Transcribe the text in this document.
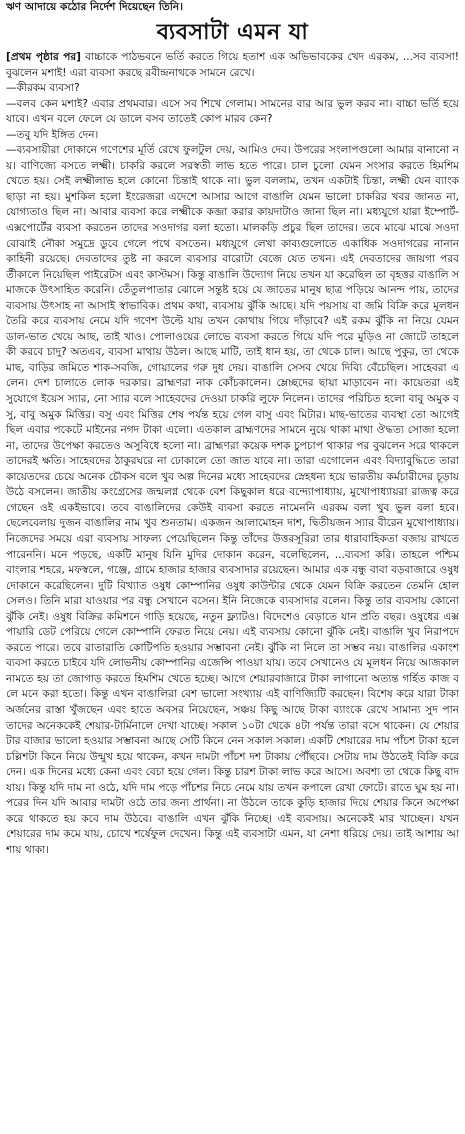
ঋণ আদায়ে কঠোর নির্দেশ দিয়েছেন তিনি।
ব্যবসাটা এমন যা

[প্রথম পৃষ্ঠার পর] বাচ্চাকে পাঠভবনে ভর্তি করতে গিয়ে হতাশ এক অভিভাবকের খেদ এরকম, ...সব ব্যবসা! বুঝলেন মশাই! এরা ব্যবসা করছে রবীন্দ্রনাথকে সামনে রেখে।

—কীরকম ব্যবসা?

—বলব কেন মশাই? এবার প্রথমবার। এসে সব শিখে গেলাম। সামনের বার আর ভুল করব না। বাচ্চা ভর্তি হয়ে যাবে। এখন বলে ফেলে যে ডালে বসব তাতেই কোপ মারব কেন?

—তবু যদি ইঙ্গিত দেন।

—ব্যবসায়ীরা দোকানে গণেশের মূর্তি রেখে ফুলটুল দেয়, আমিও দেব। উপরের সংলাপগুলো আমার বানানো নয়। বাণিজ্যে বসতে লক্ষ্মী। চাকরি করলে সরস্বতী লাভ হতে পারে। চাল চুলো যেমন সংসার করতে হিমশিম খেতে হয়। সেই লক্ষ্মীলাভ হলে কোনো চিন্তাই থাকে না। ভুল বললাম, তখন একটাই চিন্তা, লক্ষ্মী যেন ব্যাংক ছাড়া না হয়। মুশকিল হলো ইংরেজরা এদেশে আসার আগে বাঙালি যেমন ভালো চাকরির খবর জানত না, যোগ্যতাও ছিল না। আবার ব্যবসা করে লক্ষ্মীকে কব্জা করার কায়দাটাও জানা ছিল না। মধ্যযুগে যারা ইম্পোর্ট-এক্সপোর্টের ব্যবসা করতেন তাদের সওদাগর বলা হতো। মালকড়ি প্রচুর ছিল তাদের। তবে মাঝে মাঝে সওদা বোঝাই নৌকা সমুদ্রে ডুবে গেলে পথে বসতেন। মধ্যযুগে লেখা কাব্যগুলোতে একাধিক সওদাগরের নানান কাহিনী রয়েছে। দেবতাদের তুষ্ট না করলে ব্যবসার বারোটা বেজে যেত তখন। এই দেবতাদের জায়গা পরবর্তীকালে নিয়েছিল পাইরেটস এবং কাস্টমস। কিন্তু বাঙালি উদ্যোগ নিয়ে তখন যা করেছিল তা বৃহত্তর বাঙালি সমাজকে উৎসাহিত করেনি। তেঁতুলপাতার ঝোলে সন্তুষ্ট হয়ে যে জাতের মানুষ ছাত্র পড়িয়ে আনন্দ পায়, তাদের ব্যবসায় উৎসাহ না আসাই স্বাভাবিক। প্রথম কথা, ব্যবসায় ঝুঁকি আছে। যদি পয়সায় বা জমি বিক্রি করে মূলধন তৈরি করে ব্যবসায় নেমে যদি গণেশ উল্টে যায় তখন কোথায় গিয়ে দাঁড়াবে? এই রকম ঝুঁকি না নিয়ে যেমন ডাল-ভাত খেয়ে আছ, তাই খাও। পোলাওয়ের লোভে ব্যবসা করতে গিয়ে যদি পরে মুড়িও না জোটে তাহলে কী করবে চাদু? অতএব, ব্যবসা মাথায় উঠল। আছে মাটি, তাই ধান হয়, তা থেকে চাল। আছে পুকুর, তা থেকে মাছ, বাড়ির জমিতে শাক-সবজি, গোয়ালের গরু দুধ দেয়। বাঙালি সেসব খেয়ে দিব্যি বেঁচেছিল। সাহেবরা এলেন। দেশ চালাতে লোক দরকার। ব্রাহ্মণরা নাক কোঁচকালেন। ম্লেচ্ছদের ছায়া মাড়াবেন না। কায়েতরা এই সুযোগে ইয়েস স্যার, নো স্যার বলে সাহেবদের দেওয়া চাকরি লুফে নিলেন। তাদের পরিচিত হলো বাবু অমুক বসু, বাবু অমুক মিত্তির। বসু এবং মিত্তির শেষ পর্যন্ত হয়ে গেল বাসু এবং মিটার। মাছ-ভাতের ব্যবস্থা তো আগেই ছিল এবার পকেটে মাইনের নগদ টাকা এলো। এতকাল ব্রাহ্মণদের সামনে নুয়ে থাকা মাথা ঔদ্ধত্য সোজা হলো না, তাদের উপেক্ষা করতেও অসুবিধে হলো না। ব্রাহ্মণরা কয়েক দশক চুপচাপ থাকার পর বুঝলেন সরে থাকলে তাদেরই ক্ষতি। সাহেবদের ঠাকুরঘরে না ঢোকালে তো জাত যাবে না। তারা এগোলেন এবং বিদ্যাবুদ্ধিতে তারা কায়েতদের চেয়ে অনেক চৌকস বলে খুব অল্প দিনের মধ্যে সাহেবদের স্নেহধন্য হয়ে ভারতীয় কর্মচারীদের চূড়ায় উঠে বসলেন। জাতীয় কংগ্রেসের জন্মলগ্ন থেকে বেশ কিছুকাল ধরে বন্দ্যোপাধ্যায়, মুখোপাধ্যায়রা রাজত্ব করে গেছেন ওই একইভাবে। তবে বাঙালিদের কেউই ব্যবসা করতে নামেননি এরকম বলা খুব ভুল বলা হবে। ছেলেবেলায় দুজন বাঙালির নাম খুব শুনতাম। একজন আলামোহন দাশ, দ্বিতীয়জন স্যার বীরেন মুখোপাধ্যায়। নিজেদের সময়ে এরা ব্যবসায় সাফল্য পেয়েছিলেন কিন্তু তাঁদের উত্তরসূরিরা তার ধারাবাহিকতা বজায় রাখতে পারেননি। মনে পড়ছে, একটি মানুষ যিনি মুদির দোকান করেন, বলেছিলেন, ...ব্যবসা করি। তাহলে পশ্চিমবাংলার শহরে, মফস্বলে, গঞ্জে, গ্রামে হাজার হাজার ব্যবসাদার রয়েছেন। আমার এক বন্ধু বাবা বড়বাজারে ওষুধ দোকানে করেছিলেন। দুটি বিখ্যাত ওষুধ কোম্পানির ওষুধ কাউন্টার থেকে যেমন বিক্রি করতেন তেমনি হোলসেলও। তিনি মারা যাওয়ার পর বন্ধু সেখানে বসেন। ইনি নিজেকে ব্যবসাদার বলেন। কিন্তু তার ব্যবসায় কোনো ঝুঁকি নেই। ওষুধ বিক্রির কমিশনে গাড়ি হয়েছে, নতুন ফ্ল্যাটও। বিদেশেও বেড়াতে যান প্রতি বছর। ওষুধের এক্সপায়ারি ডেট পেরিয়ে গেলে কোম্পানি ফেরত নিয়ে নেয়। এই ব্যবসায় কোনো ঝুঁকি নেই। বাঙালি খুব নিরাপদে করতে পারে। তবে রাতারাতি কোটিপতি হওয়ার সম্ভাবনা নেই। ঝুঁকি না নিলে তা সম্ভব নয়। বাঙালির একাংশ ব্যবসা করতে চাইবে যদি লোভনীয় কোম্পানির এজেন্সি পাওয়া যায়। তবে সেখানেও যে মূলধন নিয়ে আজকাল নামতে হয় তা জোগাড় করতে হিমশিম খেতে হচ্ছে। আগে শেয়ারবাজারে টাকা লাগানো অত্যন্ত গর্হিত কাজ বলে মনে করা হতো। কিন্তু এখন বাঙালিরা বেশ ভালো সংখ্যায় এই বাণিজ্যিটি করছেন। বিশেষ করে যারা টাকা অর্জনের রাস্তা খুঁজছেন এবং হাতে অবসর নিয়েছেন, সঞ্চয় কিছু আছে টাকা ব্যাংকে রেখে সামান্য সুদ পান তাদের অনেককেই শেয়ার-টার্মিনালে দেখা যাচ্ছে। সকাল ১০টা থেকে ৪টা পর্যন্ত তারা বসে থাকেন। যে শেয়ারটার বাজার ভালো হওয়ার সম্ভাবনা আছে সেটি কিনে নেন সকাল সকাল। একটি শেয়ারের দাম পাঁচশ টাকা হলে চল্লিশটা কিনে নিয়ে উন্মুখ হয়ে থাকেন, কখন দামটা পাঁচশ দশ টাকায় পৌঁছবে। সেটায় দাম উঠতেই বিক্রি করে দেন। এক দিনের মধ্যে কেনা এবং বেচা হয়ে গেল। কিন্তু চারশ টাকা লাভ করে আসে। অবশ্য তা থেকে কিছু বাদ যায়। কিন্তু যদি দাম না ওঠে, যদি দাম পড়ে পাঁচশর নিচে নেমে যায় তখন কপালে রেখা ফোটে। রাতে ঘুম হয় না। পরের দিন যদি আবার দামটা ওঠে তার জন্য প্রার্থনা। না উঠলে তাকে কুড়ি হাজার দিয়ে শেয়ার কিনে অপেক্ষা করে থাকতে হয় কবে দাম উঠবে। বাঙালি এখন ঝুঁকি নিচ্ছে। এই ব্যবসায়। অনেকেই মার খাচ্ছেন। যখন শেয়ারের দাম কমে যায়, চোখে শর্ষেফুল দেখেন। কিন্তু এই ব্যবসাটা এমন, যা নেশা ধরিয়ে দেয়। তাই আশায় আশায় থাকা।
